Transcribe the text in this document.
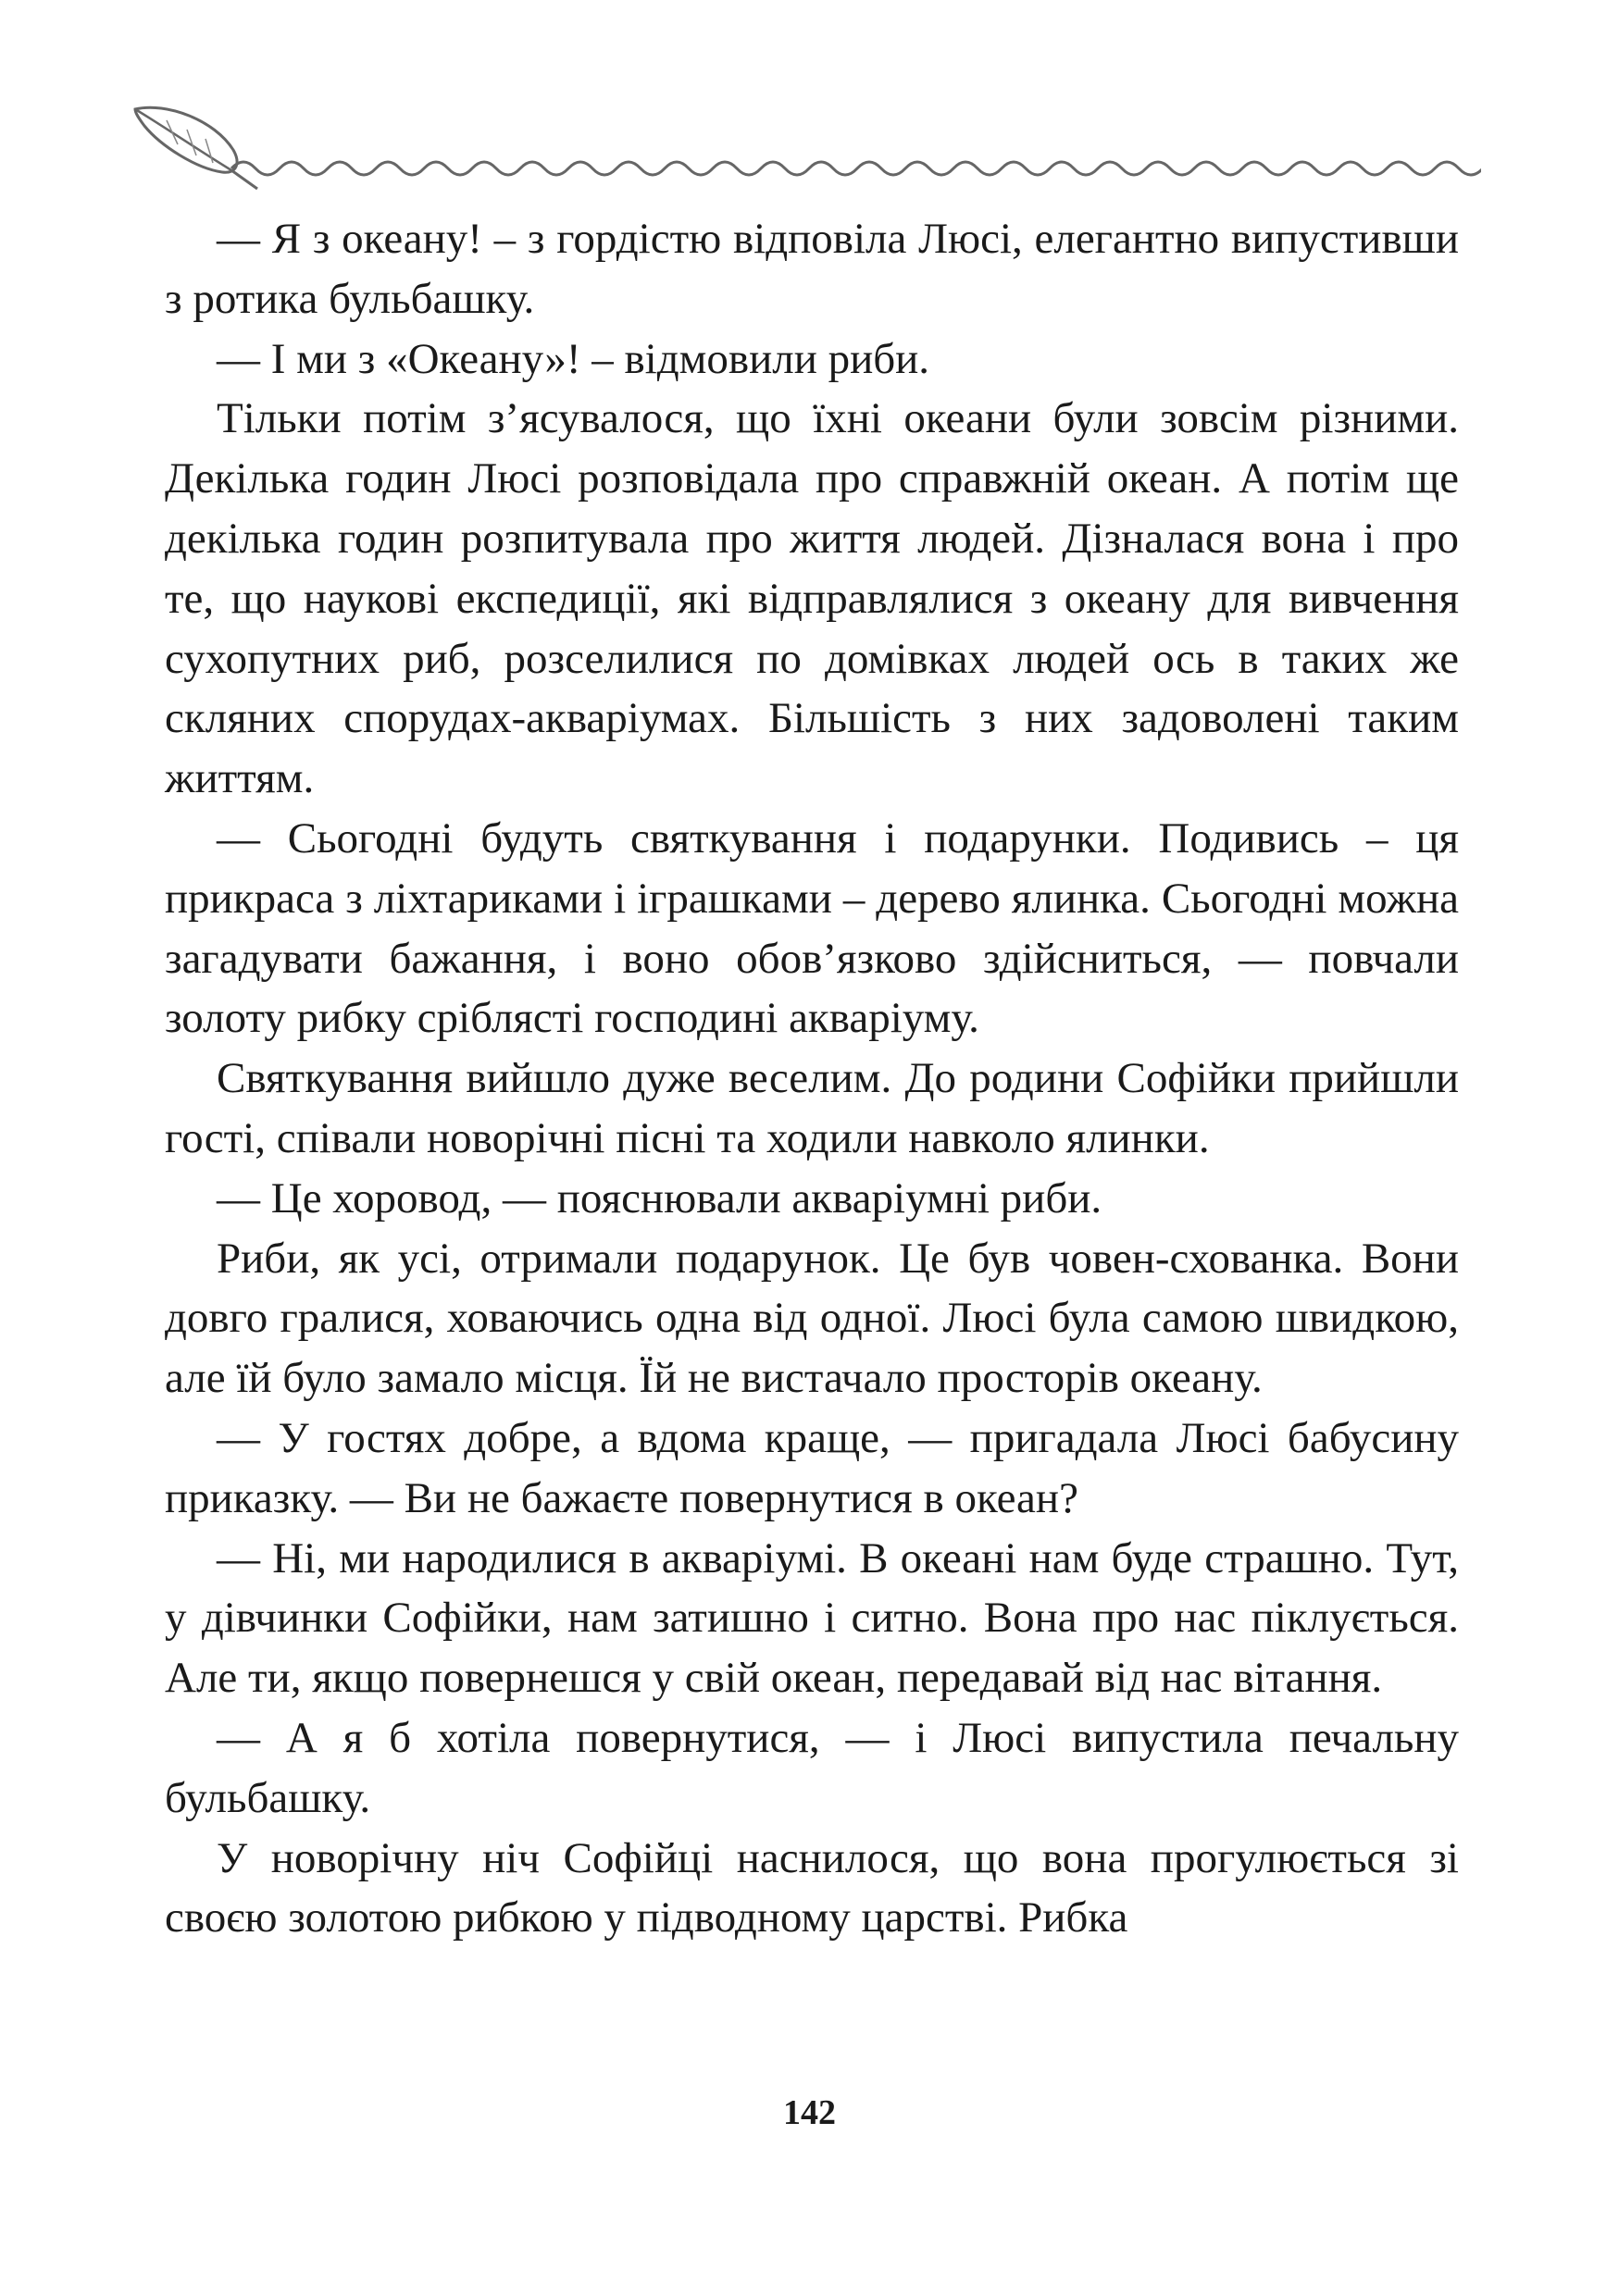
— Я з океану! – з гордістю відповіла Люсі, елегантно випустивши з ротика бульбашку.

— І ми з «Океану»! – відмовили риби.

Тільки потім з’ясувалося, що їхні океани були зовсім різними. Декілька годин Люсі розповідала про справжній океан. А потім ще декілька годин розпитувала про життя людей. Дізналася вона і про те, що наукові експедиції, які відправлялися з океану для вивчення сухопутних риб, розселилися по домівках людей ось в таких же скляних спорудах-акваріумах. Більшість з них задоволені таким життям.

— Сьогодні будуть святкування і подарунки. Подивись – ця прикраса з ліхтариками і іграшками – дерево ялинка. Сьогодні можна загадувати бажання, і воно обов’язково здійсниться, — повчали золоту рибку сріблясті господині акваріуму.

Святкування вийшло дуже веселим. До родини Софійки прийшли гості, співали новорічні пісні та ходили навколо ялинки.

— Це хоровод, — пояснювали акваріумні риби.

Риби, як усі, отримали подарунок. Це був човен-схованка. Вони довго гралися, ховаючись одна від одної. Люсі була самою швидкою, але їй було замало місця. Їй не вистачало просторів океану.

— У гостях добре, а вдома краще, — пригадала Люсі бабусину приказку. — Ви не бажаєте повернутися в океан?

— Ні, ми народилися в акваріумі. В океані нам буде страшно. Тут, у дівчинки Софійки, нам затишно і ситно. Вона про нас піклується. Але ти, якщо повернешся у свій океан, передавай від нас вітання.

— А я б хотіла повернутися, — і Люсі випустила печальну бульбашку.

У новорічну ніч Софійці наснилося, що вона прогулюється зі своєю золотою рибкою у підводному царстві. Рибка

142
